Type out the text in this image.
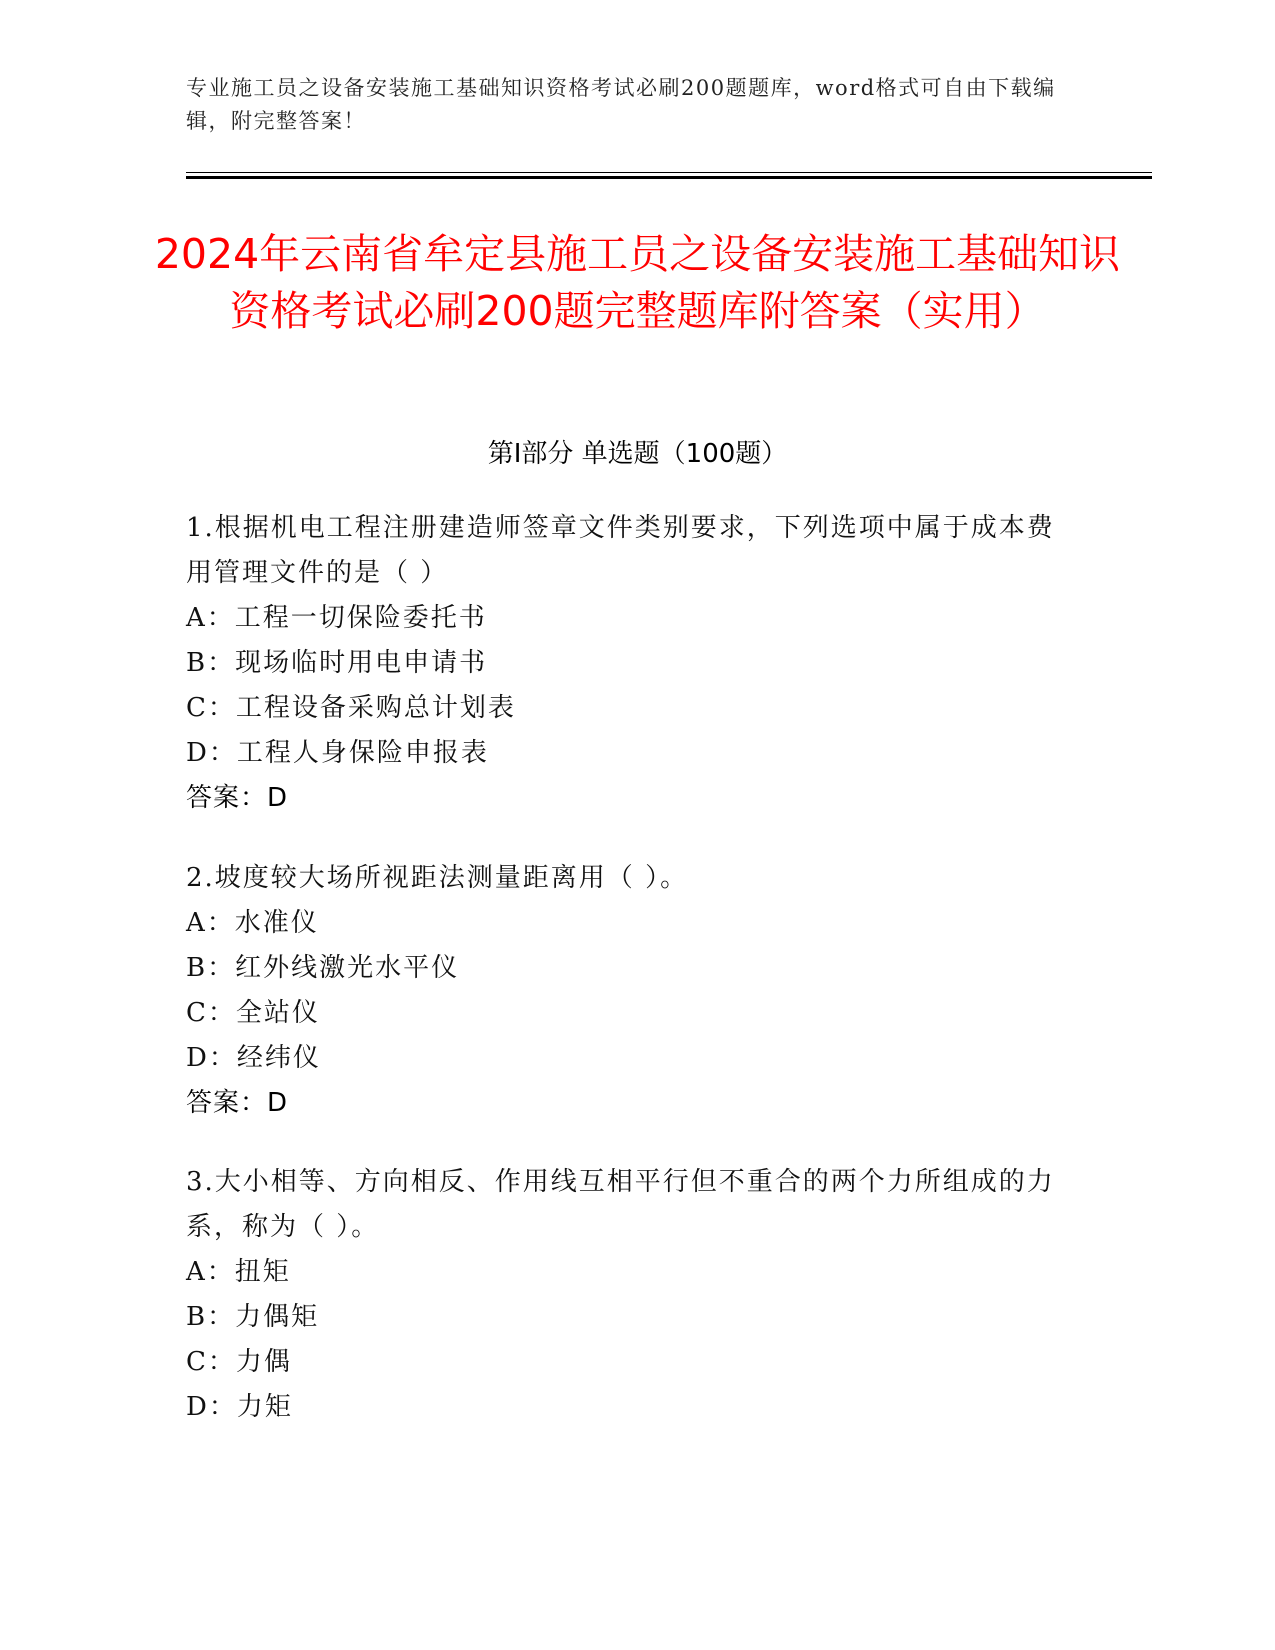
专业施工员之设备安装施工基础知识资格考试必刷200题题库，word格式可自由下载编辑，附完整答案！
2024年云南省牟定县施工员之设备安装施工基础知识资格考试必刷200题完整题库附答案（实用）
第I部分 单选题（100题）
1.根据机电工程注册建造师签章文件类别要求，下列选项中属于成本费用管理文件的是（ ）
A：工程一切保险委托书
B：现场临时用电申请书
C：工程设备采购总计划表
D：工程人身保险申报表
答案：D
2.坡度较大场所视距法测量距离用（ ）。
A：水准仪
B：红外线激光水平仪
C：全站仪
D：经纬仪
答案：D
3.大小相等、方向相反、作用线互相平行但不重合的两个力所组成的力系，称为（ ）。
A：扭矩
B：力偶矩
C：力偶
D：力矩
